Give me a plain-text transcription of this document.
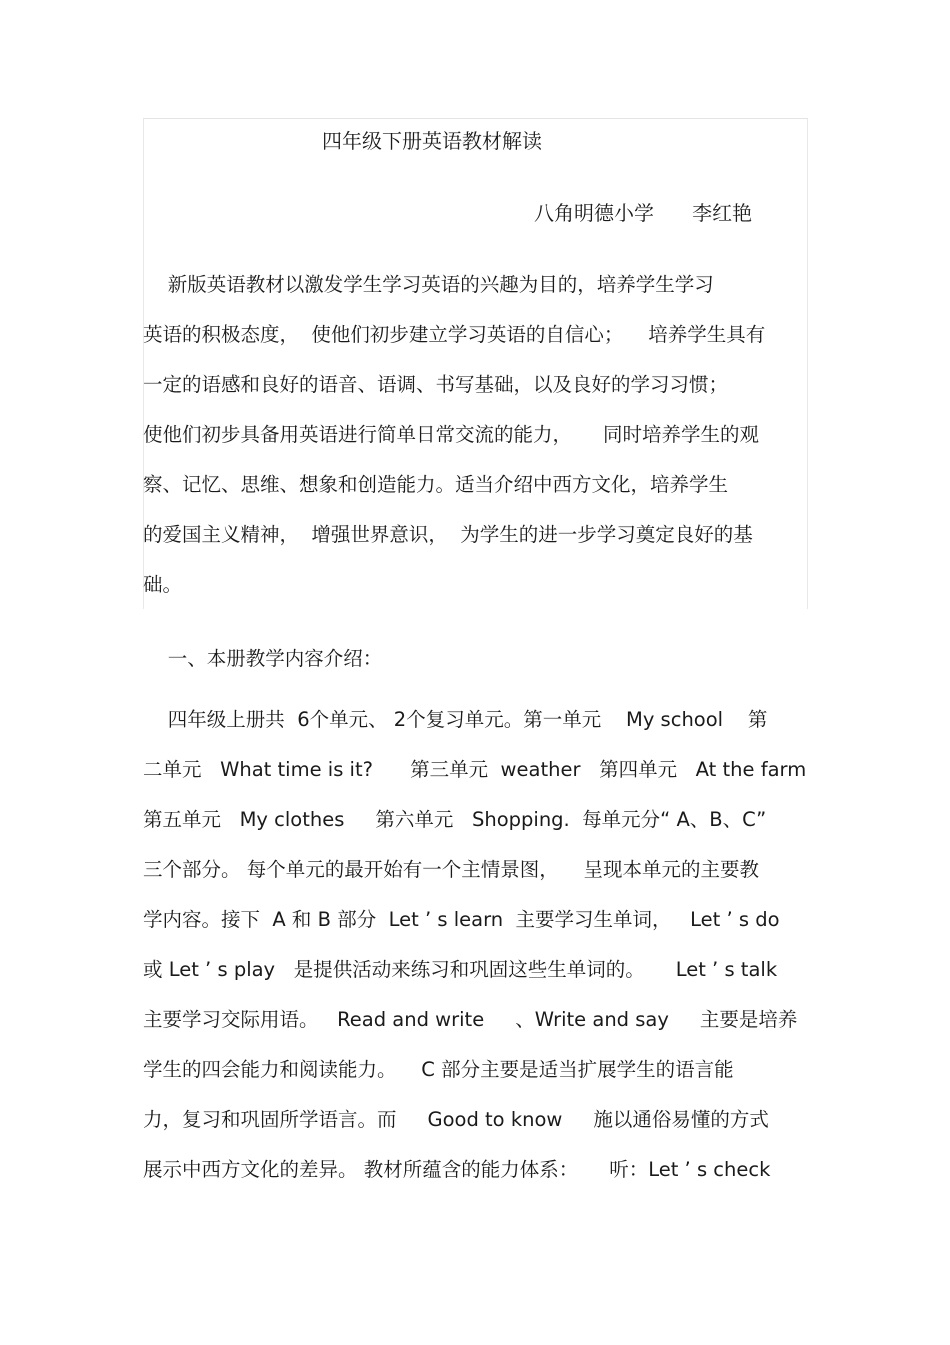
四年级下册英语教材解读
八角明德小学      李红艳
新版英语教材以激发学生学习英语的兴趣为目的，培养学生学习
英语的积极态度，  使他们初步建立学习英语的自信心；    培养学生具有
一定的语感和良好的语音、语调、书写基础，以及良好的学习习惯；
使他们初步具备用英语进行简单日常交流的能力，     同时培养学生的观
察、记忆、思维、想象和创造能力。适当介绍中西方文化，培养学生
的爱国主义精神，  增强世界意识，  为学生的进一步学习奠定良好的基
础。
一、本册教学内容介绍：
四年级上册共  6个单元、 2个复习单元。第一单元    My school    第
二单元   What time is it?      第三单元  weather   第四单元   At the farm
第五单元   My clothes     第六单元   Shopping.  每单元分“ A、B、C”
三个部分。 每个单元的最开始有一个主情景图，    呈现本单元的主要教
学内容。接下  A 和 B 部分  Let ’ s learn  主要学习生单词，   Let ’ s do
或 Let ’ s play   是提供活动来练习和巩固这些生单词的。     Let ’ s talk
主要学习交际用语。   Read and write     、Write and say     主要是培养
学生的四会能力和阅读能力。    C 部分主要是适当扩展学生的语言能
力，复习和巩固所学语言。而     Good to know     施以通俗易懂的方式
展示中西方文化的差异。 教材所蕴含的能力体系：     听：Let ’ s check
